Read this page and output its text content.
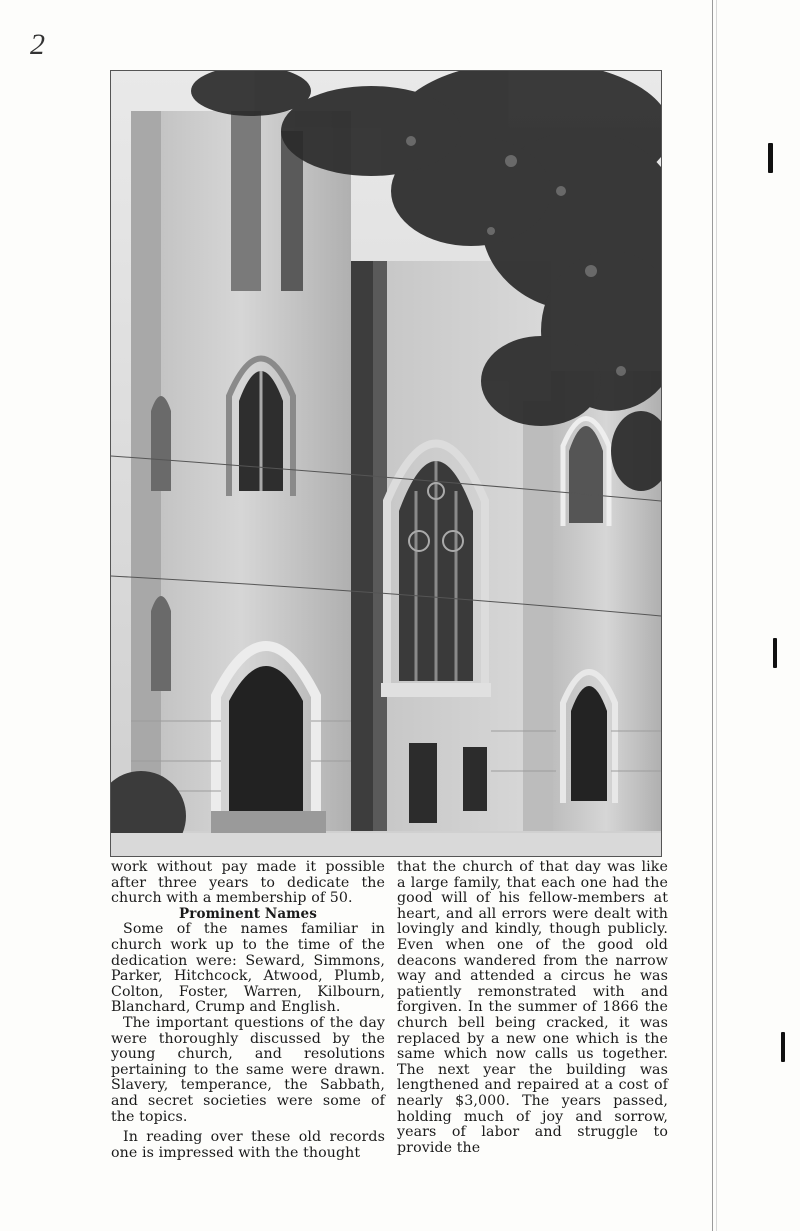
2

work without pay made it possible after three years to dedicate the church with a membership of 50.

Prominent Names

Some of the names familiar in church work up to the time of the dedication were: Seward, Simmons, Parker, Hitchcock, Atwood, Plumb, Colton, Foster, Warren, Kilbourn, Blanchard, Crump and English.

The important questions of the day were thoroughly discussed by the young church, and resolutions pertaining to the same were drawn. Slavery, temperance, the Sabbath, and secret societies were some of the topics.

In reading over these old records one is impressed with the thought

that the church of that day was like a large family, that each one had the good will of his fellow-members at heart, and all errors were dealt with lovingly and kindly, though publicly. Even when one of the good old deacons wandered from the narrow way and attended a circus he was patiently remonstrated with and forgiven. In the summer of 1866 the church bell being cracked, it was replaced by a new one which is the same which now calls us together. The next year the building was lengthened and repaired at a cost of nearly $3,000. The years passed, holding much of joy and sorrow, years of labor and struggle to provide the
